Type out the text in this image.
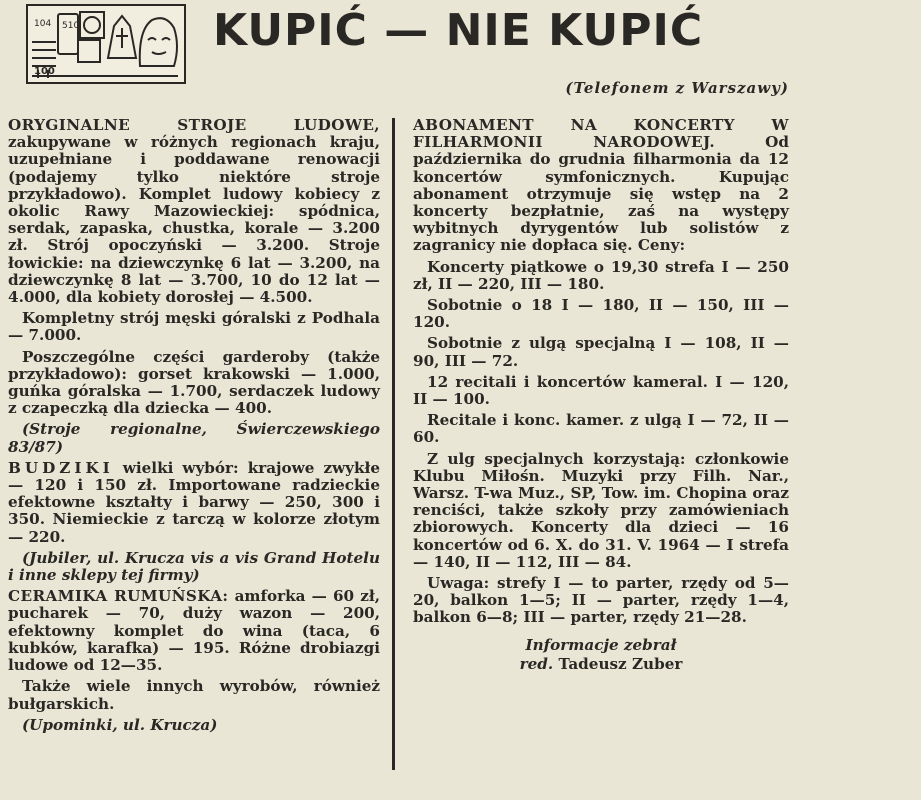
104 510
100
KUPIĆ — NIE KUPIĆ
(Telefonem z Warszawy)

ORYGINALNE STROJE LUDOWE, zakupywane w różnych regionach kraju, uzupełniane i poddawane renowacji (podajemy tylko niektóre stroje przykładowo). Komplet ludowy kobiecy z okolic Rawy Mazowieckiej: spódnica, serdak, zapaska, chustka, korale — 3.200 zł. Strój opoczyński — 3.200. Stroje łowickie: na dziewczynkę 6 lat — 3.200, na dziewczynkę 8 lat — 3.700, 10 do 12 lat — 4.000, dla kobiety dorosłej — 4.500.

Kompletny strój męski góralski z Podhala — 7.000.

Poszczególne części garderoby (także przykładowo): gorset krakowski — 1.000, guńka góralska — 1.700, serdaczek ludowy z czapeczką dla dziecka — 400.

(Stroje regionalne, Świerczewskiego 83/87)

BUDZIKI wielki wybór: krajowe zwykłe — 120 i 150 zł. Importowane radzieckie efektowne kształty i barwy — 250, 300 i 350. Niemieckie z tarczą w kolorze złotym — 220.

(Jubiler, ul. Krucza vis a vis Grand Hotelu i inne sklepy tej firmy)

CERAMIKA RUMUŃSKA: amforka — 60 zł, pucharek — 70, duży wazon — 200, efektowny komplet do wina (taca, 6 kubków, karafka) — 195. Różne drobiazgi ludowe od 12—35.

Także wiele innych wyrobów, również bułgarskich.

(Upominki, ul. Krucza)

ABONAMENT NA KONCERTY W FILHARMONII NARODOWEJ.	Od października do grudnia filharmonia da 12 koncertów symfonicznych. Kupując abonament otrzymuje się wstęp na 2 koncerty bezpłatnie, zaś na występy wybitnych dyrygentów lub solistów z zagranicy nie dopłaca się. Ceny:

Koncerty piątkowe o 19,30 strefa I — 250 zł, II — 220, III — 180.

Sobotnie o 18 I — 180, II — 150, III — 120.

Sobotnie z ulgą specjalną I — 108, II — 90, III — 72.

12 recitali i koncertów kameral. I — 120, II — 100.

Recitale i konc. kamer. z ulgą I — 72, II — 60.

Z ulg specjalnych korzystają: członkowie Klubu Miłośn. Muzyki przy Filh. Nar., Warsz. T-wa Muz., SP, Tow. im. Chopina oraz renciści, także szkoły przy zamówieniach zbiorowych. Koncerty dla dzieci — 16 koncertów od 6. X. do 31. V. 1964 — I strefa — 140, II — 112, III — 84.

Uwaga: strefy I — to parter, rzędy od 5—20, balkon 1—5; II — parter, rzędy 1—4, balkon 6—8; III — parter, rzędy 21—28.

Informacje zebrał
red. Tadeusz Zuber
